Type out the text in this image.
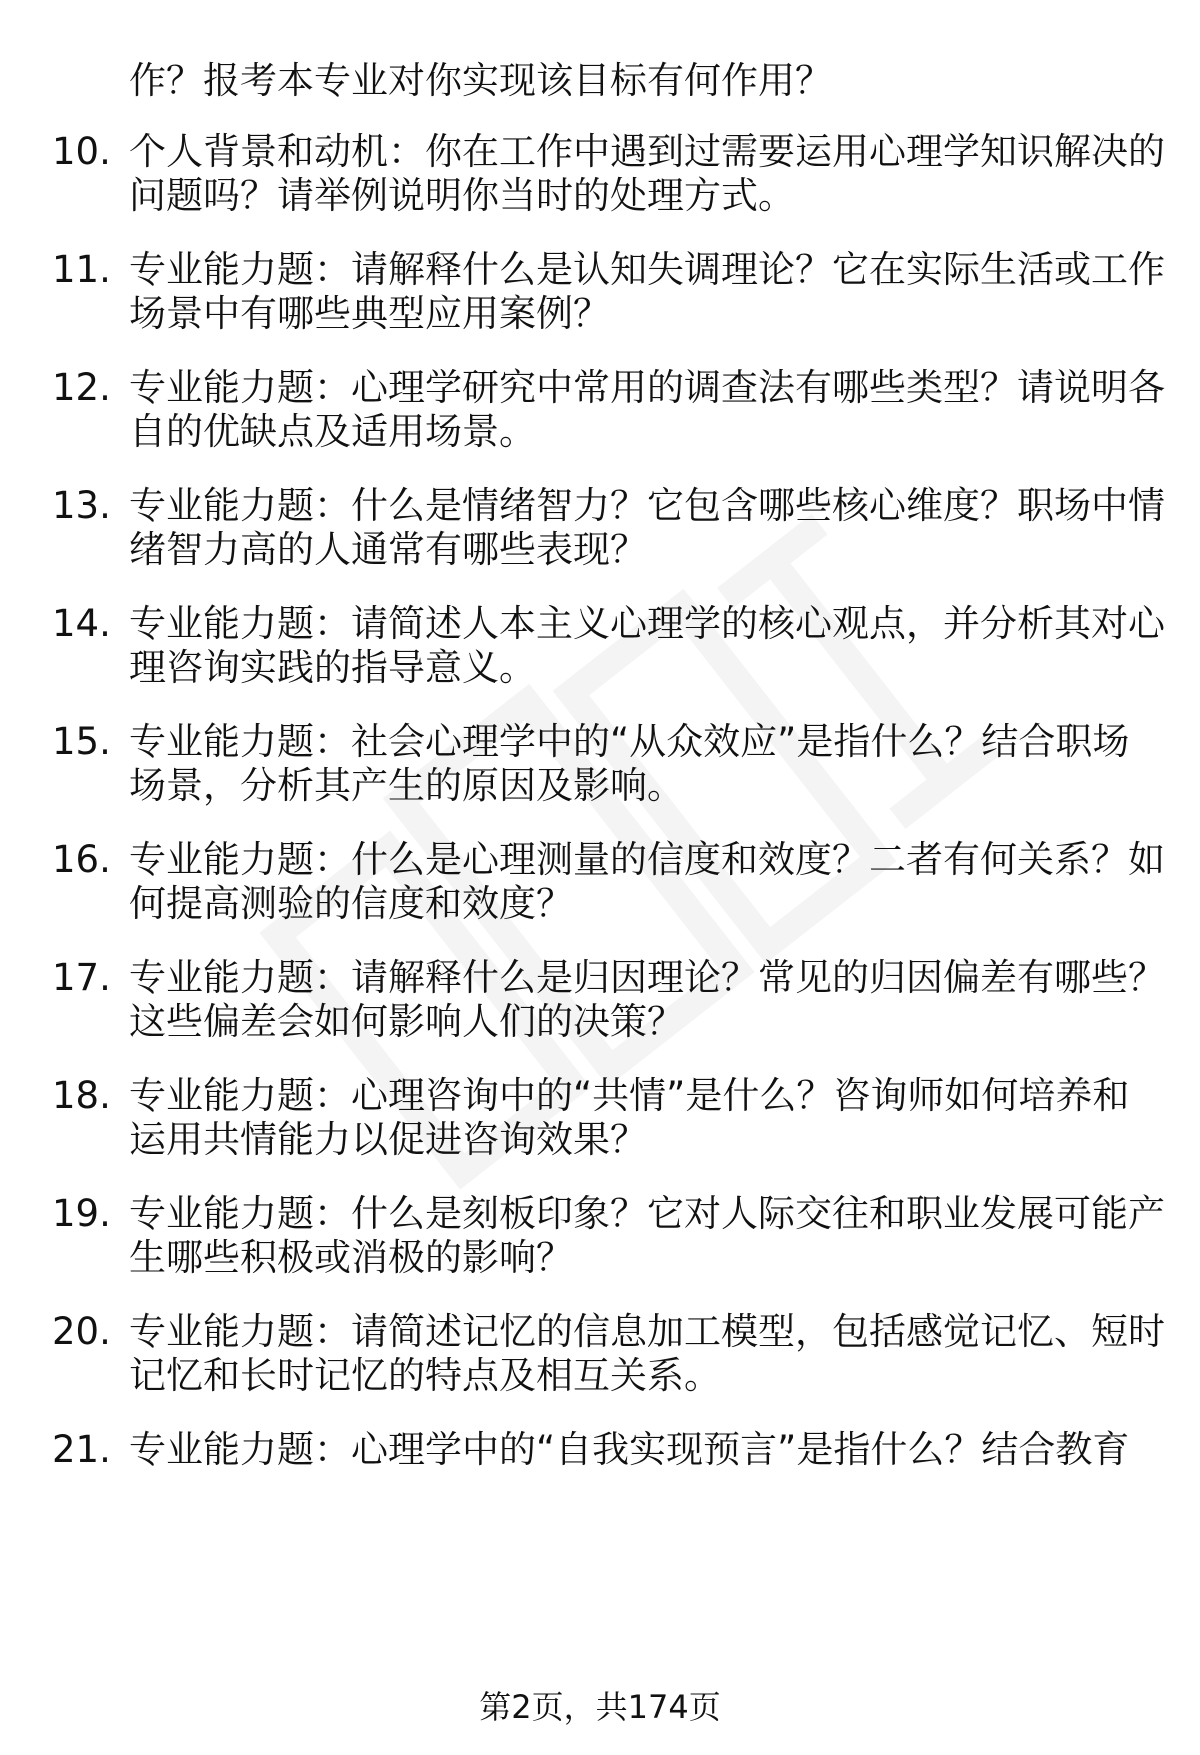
作？报考本专业对你实现该目标有何作用？
10. 个人背景和动机：你在工作中遇到过需要运用心理学知识解决的
问题吗？请举例说明你当时的处理方式。
11. 专业能力题：请解释什么是认知失调理论？它在实际生活或工作
场景中有哪些典型应用案例？
12. 专业能力题：心理学研究中常用的调查法有哪些类型？请说明各
自的优缺点及适用场景。
13. 专业能力题：什么是情绪智力？它包含哪些核心维度？职场中情
绪智力高的人通常有哪些表现？
14. 专业能力题：请简述人本主义心理学的核心观点，并分析其对心
理咨询实践的指导意义。
15. 专业能力题：社会心理学中的“从众效应”是指什么？结合职场
场景，分析其产生的原因及影响。
16. 专业能力题：什么是心理测量的信度和效度？二者有何关系？如
何提高测验的信度和效度？
17. 专业能力题：请解释什么是归因理论？常见的归因偏差有哪些？
这些偏差会如何影响人们的决策？
18. 专业能力题：心理咨询中的“共情”是什么？咨询师如何培养和
运用共情能力以促进咨询效果？
19. 专业能力题：什么是刻板印象？它对人际交往和职业发展可能产
生哪些积极或消极的影响？
20. 专业能力题：请简述记忆的信息加工模型，包括感觉记忆、短时
记忆和长时记忆的特点及相互关系。
21. 专业能力题：心理学中的“自我实现预言”是指什么？结合教育
第2页，共174页
